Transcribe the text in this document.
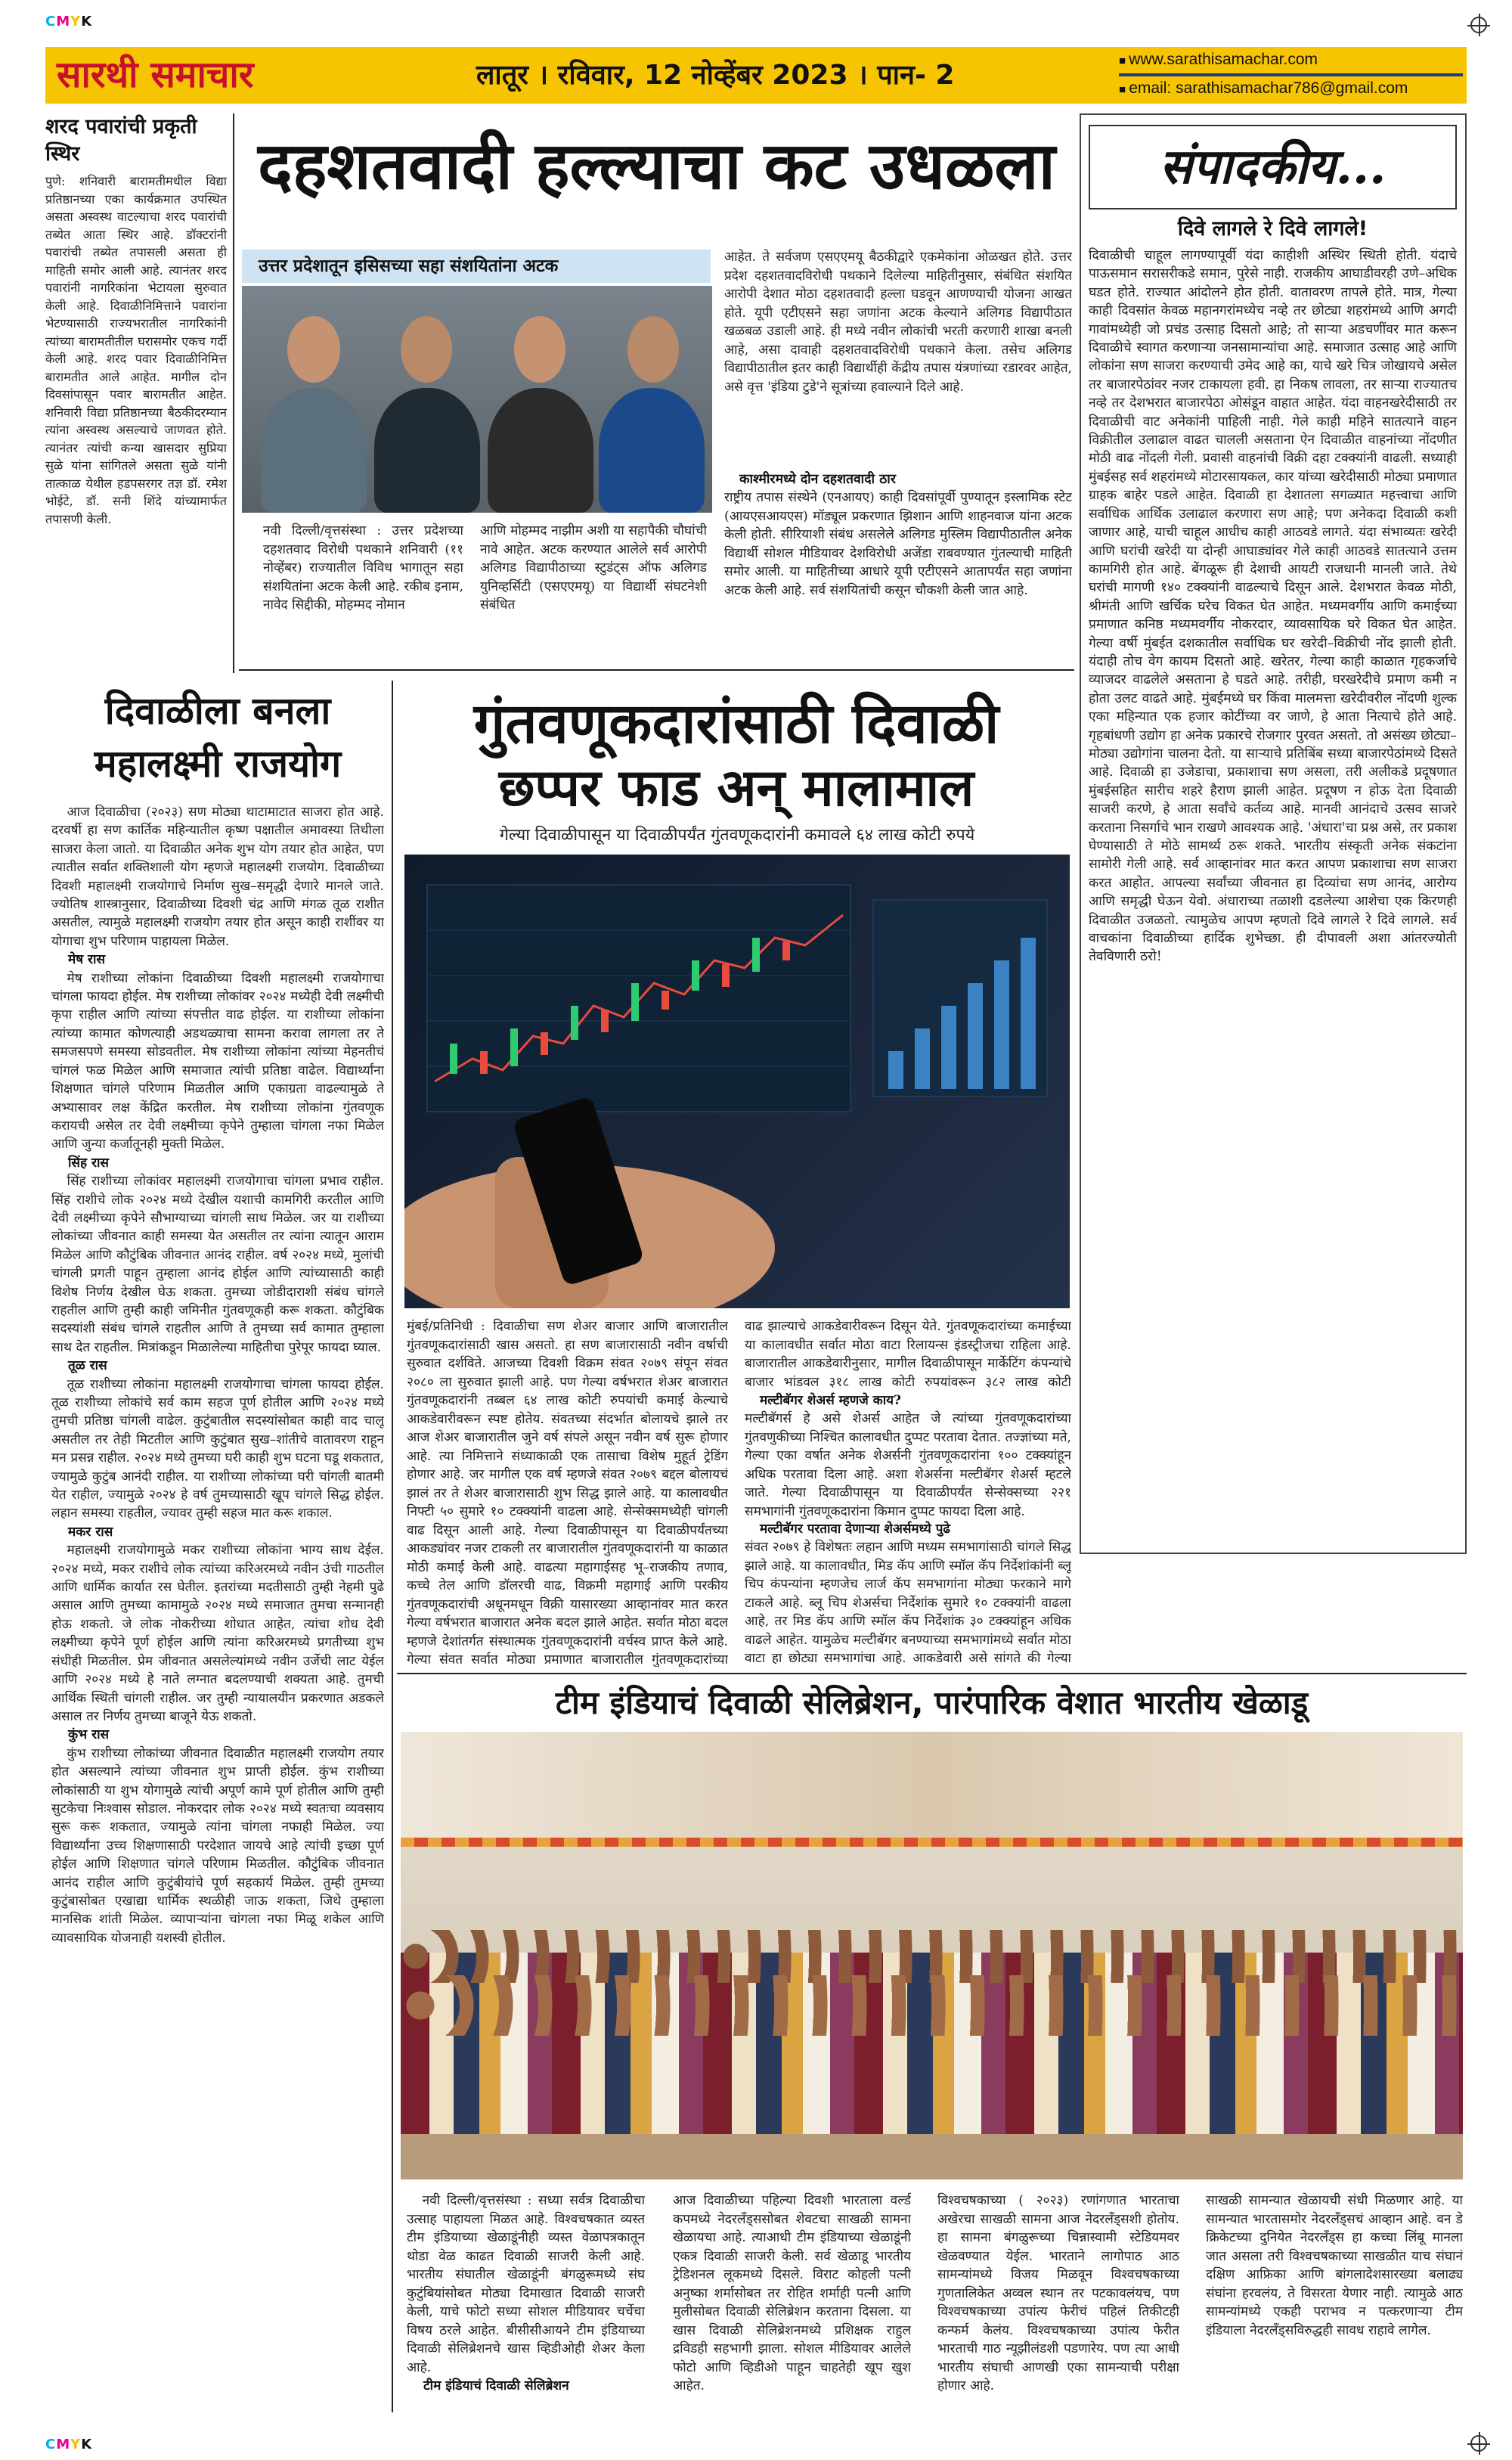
CMYK
CMYK
सारथी समाचार	लातूर । रविवार, 12 नोव्हेंबर 2023 । पान- 2
■ www.sarathisamachar.com
■ email: sarathisamachar786@gmail.com
शरद पवारांची प्रकृती स्थिर
पुणे: शनिवारी बारामतीमधील विद्या प्रतिष्ठानच्या एका कार्यक्रमात उपस्थित असता अस्वस्थ वाटल्याचा शरद पवारांची तब्येत आता स्थिर आहे. डॉक्टरांनी पवारांची तब्येत तपासली असता ही माहिती समोर आली आहे. त्यानंतर शरद पवारांनी नागरिकांना भेटायला सुरुवात केली आहे. दिवाळीनिमित्ताने पवारांना भेटण्यासाठी राज्यभरातील नागरिकांनी त्यांच्या बारामतीतील घरासमोर एकच गर्दी केली आहे. शरद पवार दिवाळीनिमित्त बारामतीत आले आहेत. मागील दोन दिवसांपासून पवार बारामतीत आहेत. शनिवारी विद्या प्रतिष्ठानच्या बैठकीदरम्यान त्यांना अस्वस्थ असल्याचे जाणवत होते. त्यानंतर त्यांची कन्या खासदार सुप्रिया सुळे यांना सांगितले असता सुळे यांनी तात्काळ येथील हडपसरगर तज्ञ डॉ. रमेश भोईटे, डॉ. सनी शिंदे यांच्यामार्फत तपासणी केली.
दहशतवादी हल्ल्याचा कट उधळला
उत्तर प्रदेशातून इसिसच्या सहा संशयितांना अटक
नवी दिल्ली/वृत्तसंस्था : उत्तर प्रदेशच्या दहशतवाद विरोधी पथकाने शनिवारी (११ नोव्हेंबर) राज्यातील विविध भागातून सहा संशयितांना अटक केली आहे. रकीब इनाम, नावेद सिद्दीकी, मोहम्मद नोमान
आणि मोहम्मद नाझीम अशी या सहापैकी चौघांची नावे आहेत. अटक करण्यात आलेले सर्व आरोपी अलिगड विद्यापीठाच्या स्टुडंट्स ऑफ अलिगड युनिव्हर्सिटी (एसएएमयू) या विद्यार्थी संघटनेशी संबंधित
आहेत. ते सर्वजण एसएएमयू बैठकीद्वारे एकमेकांना ओळखत होते. उत्तर प्रदेश दहशतवादविरोधी पथकाने दिलेल्या माहितीनुसार, संबंधित संशयित आरोपी देशात मोठा दहशतवादी हल्ला घडवून आणण्याची योजना आखत होते. यूपी एटीएसने सहा जणांना अटक केल्याने अलिगड विद्यापीठात खळबळ उडाली आहे. ही मध्ये नवीन लोकांची भरती करणारी शाखा बनली आहे, असा दावाही दहशतवादविरोधी पथकाने केला. तसेच अलिगड विद्यापीठातील इतर काही विद्यार्थीही केंद्रीय तपास यंत्रणांच्या रडारवर आहेत, असे वृत्त 'इंडिया टुडे'ने सूत्रांच्या हवाल्याने दिले आहे.
काश्मीरमध्ये दोन दहशतवादी ठार
राष्ट्रीय तपास संस्थेने (एनआयए) काही दिवसांपूर्वी पुण्यातून इस्लामिक स्टेट (आयएसआयएस) मॉड्यूल प्रकरणात झिशान आणि शाहनवाज यांना अटक केली होती. सीरियाशी संबंध असलेले अलिगड मुस्लिम विद्यापीठातील अनेक विद्यार्थी सोशल मीडियावर देशविरोधी अजेंडा राबवण्यात गुंतल्याची माहिती समोर आली. या माहितीच्या आधारे यूपी एटीएसने आतापर्यंत सहा जणांना अटक केली आहे. सर्व संशयितांची कसून चौकशी केली जात आहे.
संपादकीय...
दिवे लागले रे दिवे लागले!
दिवाळीची चाहूल लागण्यापूर्वी यंदा काहीशी अस्थिर स्थिती होती. यंदाचे पाऊसमान सरासरीकडे समान, पुरेसे नाही. राजकीय आघाडीवरही उणे–अधिक घडत होते. राज्यात आंदोलने होत होती. वातावरण तापले होते. मात्र, गेल्या काही दिवसांत केवळ महानगरांमध्येच नव्हे तर छोट्या शहरांमध्ये आणि अगदी गावांमध्येही जो प्रचंड उत्साह दिसतो आहे; तो साऱ्या अडचणींवर मात करून दिवाळीचे स्वागत करणाऱ्या जनसामान्यांचा आहे. समाजात उत्साह आहे आणि लोकांना सण साजरा करण्याची उमेद आहे का, याचे खरे चित्र जोखायचे असेल तर बाजारपेठांवर नजर टाकायला हवी. हा निकष लावला, तर साऱ्या राज्यातच नव्हे तर देशभरात बाजारपेठा ओसंडून वाहात आहेत. यंदा वाहनखरेदीसाठी तर दिवाळीची वाट अनेकांनी पाहिली नाही. गेले काही महिने सातत्याने वाहन विक्रीतील उलाढाल वाढत चालली असताना ऐन दिवाळीत वाहनांच्या नोंदणीत मोठी वाढ नोंदली गेली. प्रवासी वाहनांची विक्री दहा टक्क्यांनी वाढली. सध्याही मुंबईसह सर्व शहरांमध्ये मोटारसायकल, कार यांच्या खरेदीसाठी मोठ्या प्रमाणात ग्राहक बाहेर पडले आहेत. दिवाळी हा देशातला सगळ्यात महत्त्वाचा आणि सर्वाधिक आर्थिक उलाढाल करणारा सण आहे; पण अनेकदा दिवाळी कशी जाणार आहे, याची चाहूल आधीच काही आठवडे लागते. यंदा संभाव्यतः खरेदी आणि घरांची खरेदी या दोन्ही आघाड्यांवर गेले काही आठवडे सातत्याने उत्तम कामगिरी होत आहे. बेंगळूरू ही देशाची आयटी राजधानी मानली जाते. तेथे घरांची मागणी १४० टक्क्यांनी वाढल्याचे दिसून आले. देशभरात केवळ मोठी, श्रीमंती आणि खर्चिक घरेच विकत घेत आहेत. मध्यमवर्गीय आणि कमाईच्या प्रमाणात कनिष्ठ मध्यमवर्गीय नोकरदार, व्यावसायिक घरे विकत घेत आहेत. गेल्या वर्षी मुंबईत दशकातील सर्वाधिक घर खरेदी–विक्रीची नोंद झाली होती. यंदाही तोच वेग कायम दिसतो आहे. खरेतर, गेल्या काही काळात गृहकर्जाचे व्याजदर वाढलेले असताना हे घडते आहे. तरीही, घरखरेदीचे प्रमाण कमी न होता उलट वाढते आहे. मुंबईमध्ये घर किंवा मालमत्ता खरेदीवरील नोंदणी शुल्क एका महिन्यात एक हजार कोटींच्या वर जाणे, हे आता नित्याचे होते आहे. गृहबांधणी उद्योग हा अनेक प्रकारचे रोजगार पुरवत असतो. तो असंख्य छोट्या–मोठ्या उद्योगांना चालना देतो. या साऱ्याचे प्रतिबिंब सध्या बाजारपेठांमध्ये दिसते आहे. दिवाळी हा उजेडाचा, प्रकाशाचा सण असला, तरी अलीकडे प्रदूषणात मुंबईसहित सारीच शहरे हैराण झाली आहेत. प्रदूषण न होऊ देता दिवाळी साजरी करणे, हे आता सर्वांचे कर्तव्य आहे. मानवी आनंदाचे उत्सव साजरे करताना निसर्गाचे भान राखणे आवश्यक आहे. 'अंधारा'चा प्रश्न असे, तर प्रकाश घेण्यासाठी ते मोठे सामर्थ्य ठरू शकते. भारतीय संस्कृती अनेक संकटांना सामोरी गेली आहे. सर्व आव्हानांवर मात करत आपण प्रकाशाचा सण साजरा करत आहोत. आपल्या सर्वांच्या जीवनात हा दिव्यांचा सण आनंद, आरोग्य आणि समृद्धी घेऊन येवो. अंधाराच्या तळाशी दडलेल्या आशेचा एक किरणही दिवाळीत उजळतो. त्यामुळेच आपण म्हणतो दिवे लागले रे दिवे लागले. सर्व वाचकांना दिवाळीच्या हार्दिक शुभेच्छा. ही दीपावली अशा आंतरज्योती तेवविणारी ठरो!
दिवाळीला बनला महालक्ष्मी राजयोग

आज दिवाळीचा (२०२३) सण मोठ्या थाटामाटात साजरा होत आहे. दरवर्षी हा सण कार्तिक महिन्यातील कृष्ण पक्षातील अमावस्या तिथीला साजरा केला जातो. या दिवाळीत अनेक शुभ योग तयार होत आहेत, पण त्यातील सर्वात शक्तिशाली योग म्हणजे महालक्ष्मी राजयोग. दिवाळीच्या दिवशी महालक्ष्मी राजयोगाचे निर्माण सुख–समृद्धी देणारे मानले जाते. ज्योतिष शास्त्रानुसार, दिवाळीच्या दिवशी चंद्र आणि मंगळ तूळ राशीत असतील, त्यामुळे महालक्ष्मी राजयोग तयार होत असून काही राशींवर या योगाचा शुभ परिणाम पाहायला मिळेल.

मेष रास

मेष राशीच्या लोकांना दिवाळीच्या दिवशी महालक्ष्मी राजयोगाचा चांगला फायदा होईल. मेष राशीच्या लोकांवर २०२४ मध्येही देवी लक्ष्मीची कृपा राहील आणि त्यांच्या संपत्तीत वाढ होईल. या राशीच्या लोकांना त्यांच्या कामात कोणत्याही अडथळ्याचा सामना करावा लागला तर ते समजसपणे समस्या सोडवतील. मेष राशीच्या लोकांना त्यांच्या मेहनतीचं चांगलं फळ मिळेल आणि समाजात त्यांची प्रतिष्ठा वाढेल. विद्यार्थ्यांना शिक्षणात चांगले परिणाम मिळतील आणि एकाग्रता वाढल्यामुळे ते अभ्यासावर लक्ष केंद्रित करतील. मेष राशीच्या लोकांना गुंतवणूक करायची असेल तर देवी लक्ष्मीच्या कृपेने तुम्हाला चांगला नफा मिळेल आणि जुन्या कर्जातूनही मुक्ती मिळेल.

सिंह रास

सिंह राशीच्या लोकांवर महालक्ष्मी राजयोगाचा चांगला प्रभाव राहील. सिंह राशीचे लोक २०२४ मध्ये देखील यशाची कामगिरी करतील आणि देवी लक्ष्मीच्या कृपेने सौभाग्याच्या चांगली साथ मिळेल. जर या राशीच्या लोकांच्या जीवनात काही समस्या येत असतील तर त्यांना त्यातून आराम मिळेल आणि कौटुंबिक जीवनात आनंद राहील. वर्ष २०२४ मध्ये, मुलांची चांगली प्रगती पाहून तुम्हाला आनंद होईल आणि त्यांच्यासाठी काही विशेष निर्णय देखील घेऊ शकता. तुमच्या जोडीदाराशी संबंध चांगले राहतील आणि तुम्ही काही जमिनीत गुंतवणूकही करू शकता. कौटुंबिक सदस्यांशी संबंध चांगले राहतील आणि ते तुमच्या सर्व कामात तुम्हाला साथ देत राहतील. मित्रांकडून मिळालेल्या माहितीचा पुरेपूर फायदा घ्याल.

तूळ रास

तूळ राशीच्या लोकांना महालक्ष्मी राजयोगाचा चांगला फायदा होईल. तूळ राशीच्या लोकांचे सर्व काम सहज पूर्ण होतील आणि २०२४ मध्ये तुमची प्रतिष्ठा चांगली वाढेल. कुटुंबातील सदस्यांसोबत काही वाद चालू असतील तर तेही मिटतील आणि कुटुंबात सुख–शांतीचे वातावरण राहून मन प्रसन्न राहील. २०२४ मध्ये तुमच्या घरी काही शुभ घटना घडू शकतात, ज्यामुळे कुटुंब आनंदी राहील. या राशीच्या लोकांच्या घरी चांगली बातमी येत राहील, ज्यामुळे २०२४ हे वर्ष तुमच्यासाठी खूप चांगले सिद्ध होईल. लहान समस्या राहतील, ज्यावर तुम्ही सहज मात करू शकाल.

मकर रास

महालक्ष्मी राजयोगामुळे मकर राशीच्या लोकांना भाग्य साथ देईल. २०२४ मध्ये, मकर राशीचे लोक त्यांच्या करिअरमध्ये नवीन उंची गाठतील आणि धार्मिक कार्यात रस घेतील. इतरांच्या मदतीसाठी तुम्ही नेहमी पुढे असाल आणि तुमच्या कामामुळे २०२४ मध्ये समाजात तुमचा सन्मानही होऊ शकतो. जे लोक नोकरीच्या शोधात आहेत, त्यांचा शोध देवी लक्ष्मीच्या कृपेने पूर्ण होईल आणि त्यांना करिअरमध्ये प्रगतीच्या शुभ संधीही मिळतील. प्रेम जीवनात असलेल्यांमध्ये नवीन उर्जेची लाट येईल आणि २०२४ मध्ये हे नाते लग्नात बदलण्याची शक्यता आहे. तुमची आर्थिक स्थिती चांगली राहील. जर तुम्ही न्यायालयीन प्रकरणात अडकले असाल तर निर्णय तुमच्या बाजूने येऊ शकतो.

कुंभ रास

कुंभ राशीच्या लोकांच्या जीवनात दिवाळीत महालक्ष्मी राजयोग तयार होत असल्याने त्यांच्या जीवनात शुभ प्राप्ती होईल. कुंभ राशीच्या लोकांसाठी या शुभ योगामुळे त्यांची अपूर्ण कामे पूर्ण होतील आणि तुम्ही सुटकेचा निःश्वास सोडाल. नोकरदार लोक २०२४ मध्ये स्वतःचा व्यवसाय सुरू करू शकतात, ज्यामुळे त्यांना चांगला नफाही मिळेल. ज्या विद्यार्थ्यांना उच्च शिक्षणासाठी परदेशात जायचे आहे त्यांची इच्छा पूर्ण होईल आणि शिक्षणात चांगले परिणाम मिळतील. कौटुंबिक जीवनात आनंद राहील आणि कुटुंबीयांचे पूर्ण सहकार्य मिळेल. तुम्ही तुमच्या कुटुंबासोबत एखाद्या धार्मिक स्थळीही जाऊ शकता, जिथे तुम्हाला मानसिक शांती मिळेल. व्यापाऱ्यांना चांगला नफा मिळू शकेल आणि व्यावसायिक योजनाही यशस्वी होतील.

गुंतवणूकदारांसाठी दिवाळी
छप्पर फाड अन् मालामाल
गेल्या दिवाळीपासून या दिवाळीपर्यंत गुंतवणूकदारांनी कमावले ६४ लाख कोटी रुपये
मुंबई/प्रतिनिधी : दिवाळीचा सण शेअर बाजार आणि बाजारातील गुंतवणूकदारांसाठी खास असतो. हा सण बाजारासाठी नवीन वर्षाची सुरुवात दर्शविते. आजच्या दिवशी विक्रम संवत २०७९ संपून संवत २०८० ला सुरुवात झाली आहे. पण गेल्या वर्षभरात शेअर बाजारात गुंतवणूकदारांनी तब्बल ६४ लाख कोटी रुपयांची कमाई केल्याचे आकडेवारीवरून स्पष्ट होतेय. संवतच्या संदर्भात बोलायचे झाले तर आज शेअर बाजारातील जुने वर्ष संपले असून नवीन वर्ष सुरू होणार आहे. त्या निमित्ताने संध्याकाळी एक तासाचा विशेष मुहूर्त ट्रेडिंग होणार आहे. जर मागील एक वर्ष म्हणजे संवत २०७९ बद्दल बोलायचं झालं तर ते शेअर बाजारासाठी शुभ सिद्ध झाले आहे. या कालावधीत निफ्टी ५० सुमारे १० टक्क्यांनी वाढला आहे. सेन्सेक्समध्येही चांगली वाढ दिसून आली आहे. गेल्या दिवाळीपासून या दिवाळीपर्यंतच्या आकड्यांवर नजर टाकली तर बाजारातील गुंतवणूकदारांनी या काळात मोठी कमाई केली आहे. वाढत्या महागाईसह भू–राजकीय तणाव, कच्चे तेल आणि डॉलरची वाढ, विक्रमी महागाई आणि परकीय गुंतवणूकदारांची अधूनमधून विक्री यासारख्या आव्हानांवर मात करत गेल्या वर्षभरात बाजारात अनेक बदल झाले आहेत. सर्वात मोठा बदल म्हणजे देशांतर्गत संस्थात्मक गुंतवणूकदारांनी वर्चस्व प्राप्त केले आहे. गेल्या संवत सर्वात मोठ्या प्रमाणात बाजारातील गुंतवणूकदारांच्या
वाढ झाल्याचे आकडेवारीवरून दिसून येते. गुंतवणूकदारांच्या कमाईच्या या कालावधीत सर्वात मोठा वाटा रिलायन्स इंडस्ट्रीजचा राहिला आहे. बाजारातील आकडेवारीनुसार, मागील दिवाळीपासून मार्केटिंग कंपन्यांचे बाजार भांडवल ३१८ लाख कोटी रुपयांवरून ३८२ लाख कोटी
मल्टीबॅगर शेअर्स म्हणजे काय?
मल्टीबॅगर्स हे असे शेअर्स आहेत जे त्यांच्या गुंतवणूकदारांच्या गुंतवणुकीच्या निश्चित कालावधीत दुप्पट परतावा देतात. तज्ज्ञांच्या मते, गेल्या एका वर्षात अनेक शेअर्सनी गुंतवणूकदारांना १०० टक्क्यांहून अधिक परतावा दिला आहे. अशा शेअर्सना मल्टीबॅगर शेअर्स म्हटले जाते. गेल्या दिवाळीपासून या दिवाळीपर्यंत सेन्सेक्सच्या २२१ समभागांनी गुंतवणूकदारांना किमान दुप्पट फायदा दिला आहे.
मल्टीबॅगर परतावा देणाऱ्या शेअर्समध्ये पुढे
संवत २०७९ हे विशेषतः लहान आणि मध्यम समभागांसाठी चांगले सिद्ध झाले आहे. या कालावधीत, मिड कॅप आणि स्मॉल कॅप निर्देशांकांनी ब्लू चिप कंपन्यांना म्हणजेच लार्ज कॅप समभागांना मोठ्या फरकाने मागे टाकले आहे. ब्लू चिप शेअर्सचा निर्देशांक सुमारे १० टक्क्यांनी वाढला आहे, तर मिड कॅप आणि स्मॉल कॅप निर्देशांक ३० टक्क्यांहून अधिक वाढले आहेत. यामुळेच मल्टीबॅगर बनण्याच्या समभागांमध्ये सर्वात मोठा वाटा हा छोट्या समभागांचा आहे. आकडेवारी असे सांगते की गेल्या
टीम इंडियाचं दिवाळी सेलिब्रेशन, पारंपारिक वेशात भारतीय खेळाडू

नवी दिल्ली/वृत्तसंस्था : सध्या सर्वत्र दिवाळीचा उत्साह पाहायला मिळत आहे. विश्वचषकात व्यस्त टीम इंडियाच्या खेळाडूंनीही व्यस्त वेळापत्रकातून थोडा वेळ काढत दिवाळी साजरी केली आहे. भारतीय संघातील खेळाडूंनी बंगळुरूमध्ये संघ कुटुंबियांसोबत मोठ्या दिमाखात दिवाळी साजरी केली, याचे फोटो सध्या सोशल मीडियावर चर्चेचा विषय ठरले आहेत. बीसीसीआयने टीम इंडियाच्या दिवाळी सेलिब्रेशनचे खास व्हिडीओही शेअर केला आहे.

टीम इंडियाचं दिवाळी सेलिब्रेशन
आज दिवाळीच्या पहिल्या दिवशी भारताला वर्ल्ड कपमध्ये नेदरलँड्ससोबत शेवटचा साखळी सामना खेळायचा आहे. त्याआधी टीम इंडियाच्या खेळाडूंनी एकत्र दिवाळी साजरी केली. सर्व खेळाडू भारतीय ट्रेडिशनल लूकमध्ये दिसले. विराट कोहली पत्नी अनुष्का शर्मासोबत तर रोहित शर्माही पत्नी आणि मुलीसोबत दिवाळी सेलिब्रेशन करताना दिसला. या खास दिवाळी सेलिब्रेशनमध्ये प्रशिक्षक राहुल द्रविडही सहभागी झाला. सोशल मीडियावर आलेले फोटो आणि व्हिडीओ पाहून चाहतेही खूप खुश आहेत.
विश्वचषकाच्या ( २०२३) रणांगणात भारताचा अखेरचा साखळी सामना आज नेदरलँड्सशी होतोय. हा सामना बंगळुरूच्या चिन्नास्वामी स्टेडियमवर खेळवण्यात येईल. भारताने लागोपाठ आठ सामन्यांमध्ये विजय मिळवून विश्वचषकाच्या गुणतालिकेत अव्वल स्थान तर पटकावलंयच, पण विश्वचषकाच्या उपांत्य फेरीचं पहिलं तिकीटही कन्फर्म केलंय. विश्वचषकाच्या उपांत्य फेरीत भारताची गाठ न्यूझीलंडशी पडणारेय. पण त्या आधी भारतीय संघाची आणखी एका सामन्याची परीक्षा होणार आहे.
साखळी सामन्यात खेळायची संधी मिळणार आहे. या सामन्यात भारतासमोर नेदरलँड्सचं आव्हान आहे. वन डे क्रिकेटच्या दुनियेत नेदरलँड्स हा कच्चा लिंबू मानला जात असला तरी विश्वचषकाच्या साखळीत याच संघानं दक्षिण आफ्रिका आणि बांगलादेशसारख्या बलाढ्य संघांना हरवलंय, ते विसरता येणार नाही. त्यामुळे आठ सामन्यांमध्ये एकही पराभव न पत्करणाऱ्या टीम इंडियाला नेदरलँड्सविरुद्धही सावध राहावे लागेल.
